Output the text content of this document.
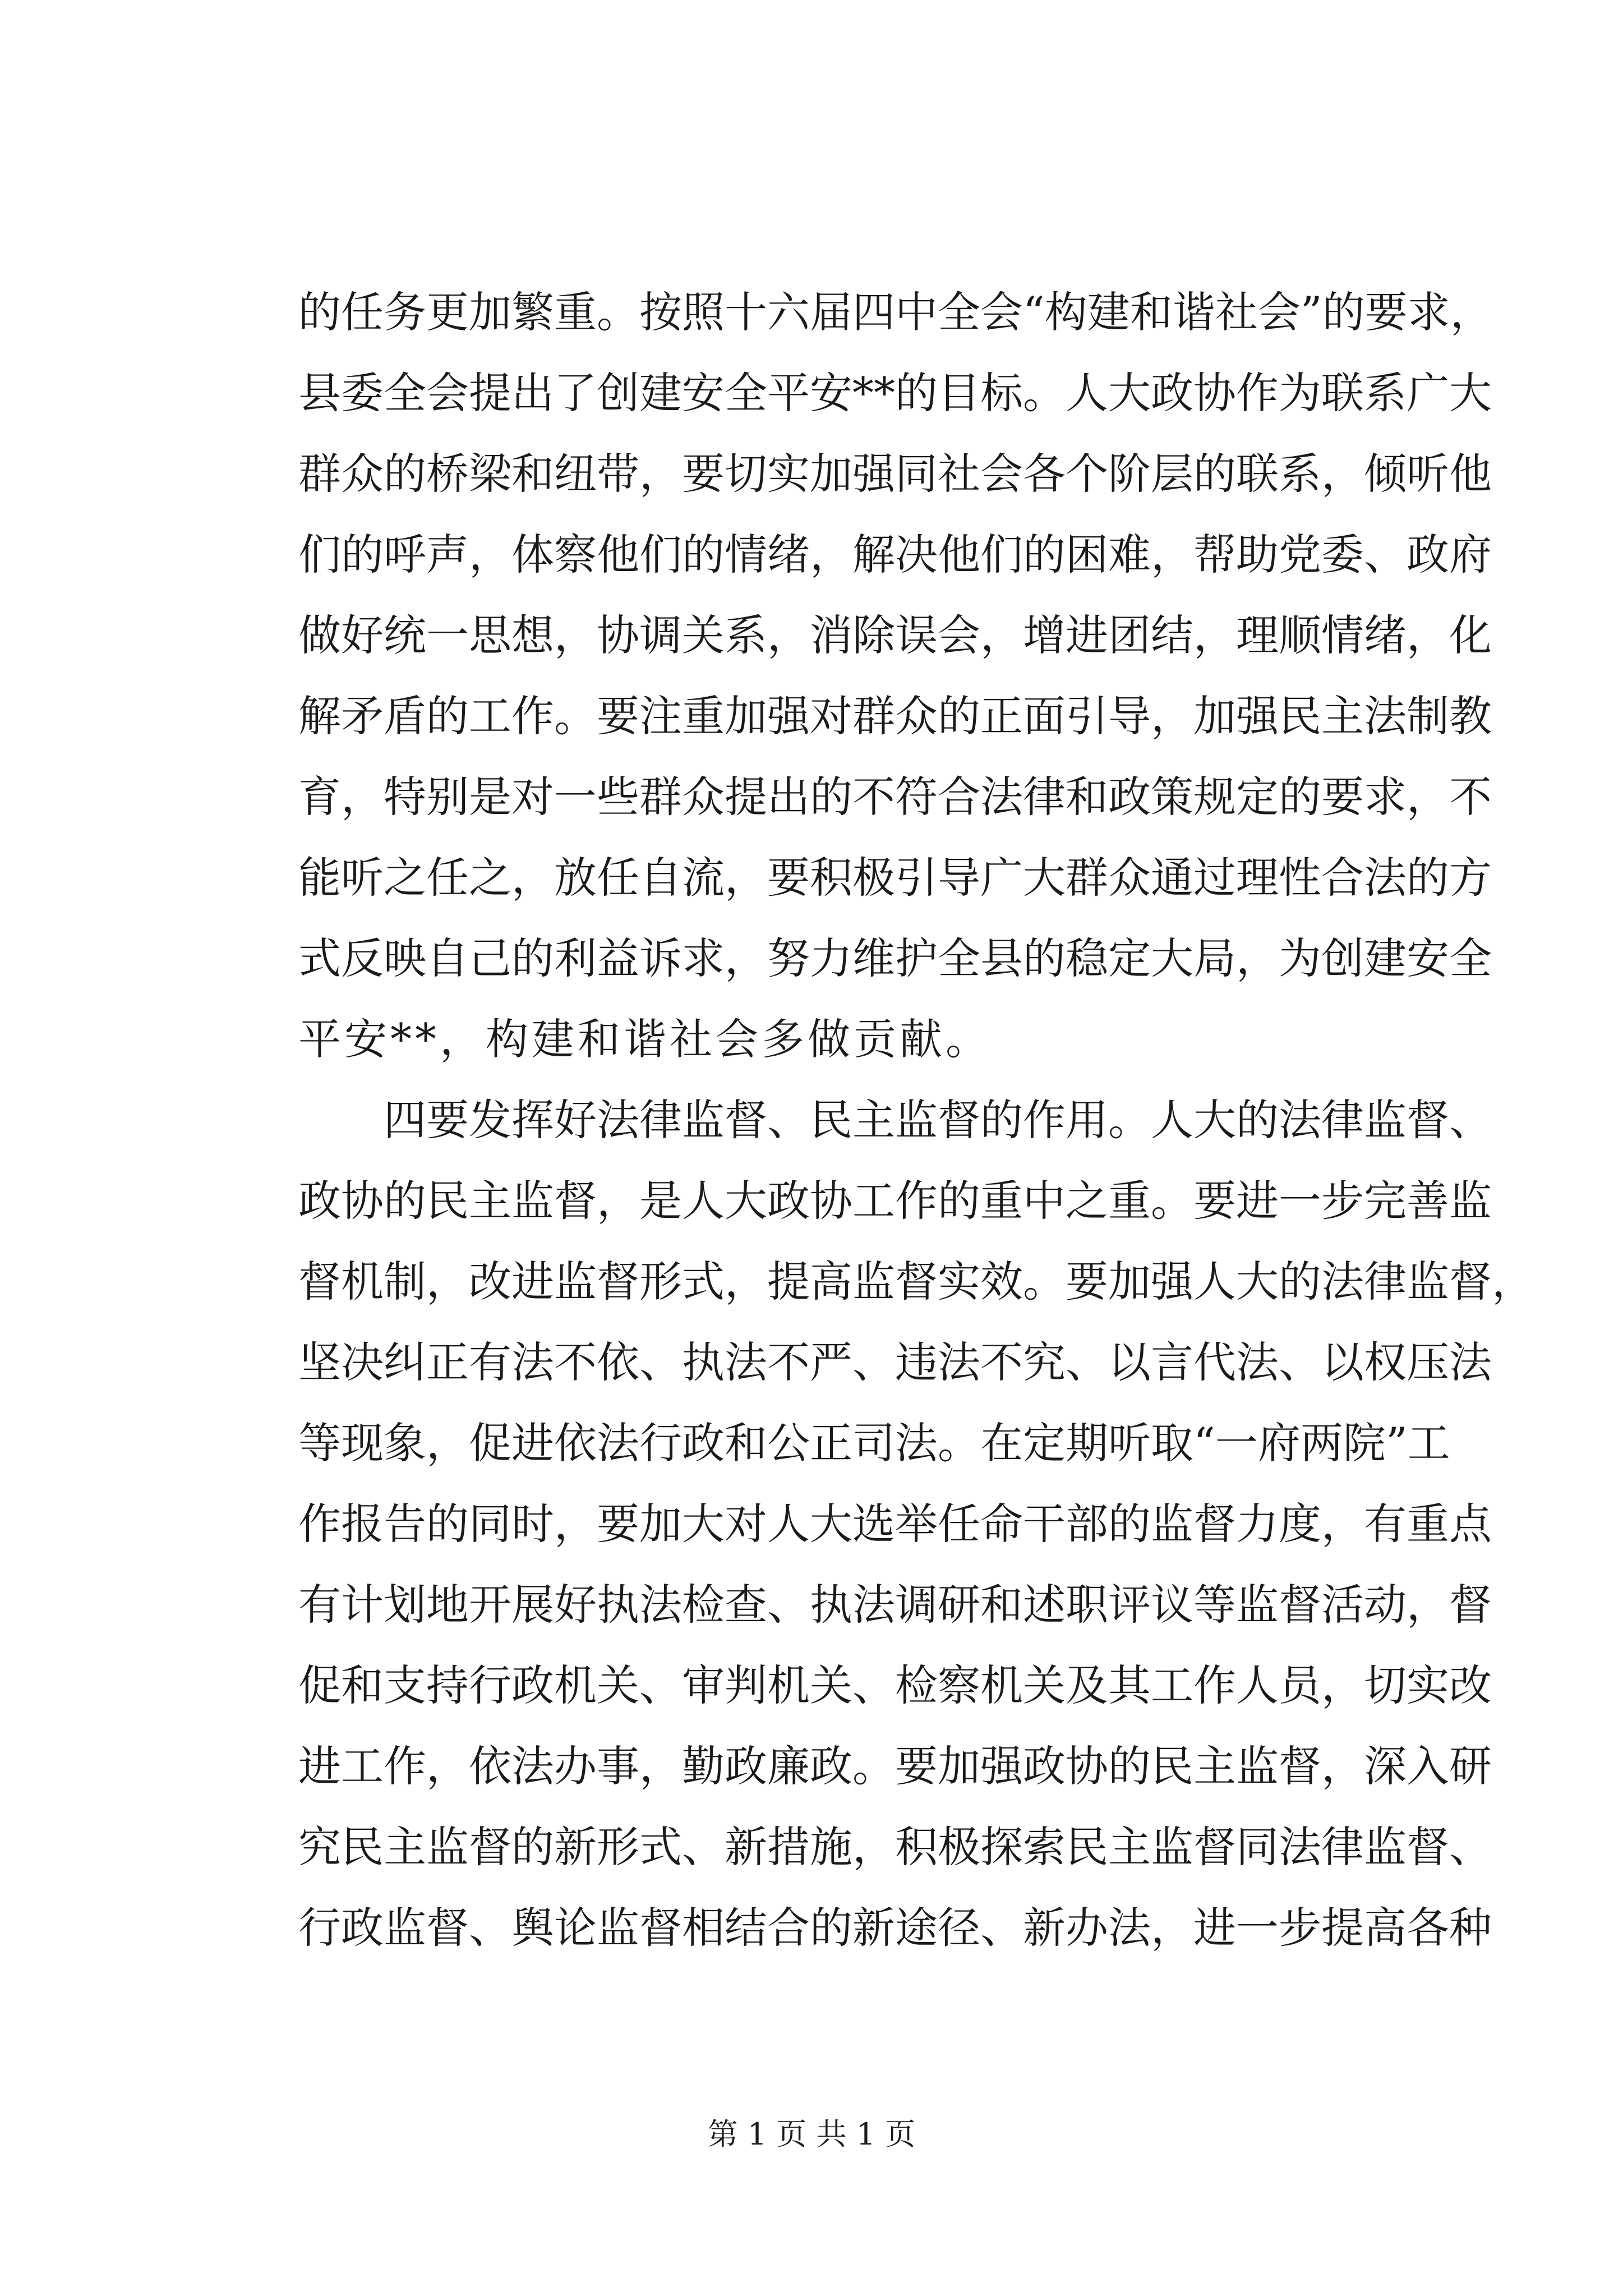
的任务更加繁重。按照十六届四中全会“构建和谐社会”的要求，
县委全会提出了创建安全平安**的目标。人大政协作为联系广大
群众的桥梁和纽带，要切实加强同社会各个阶层的联系，倾听他
们的呼声，体察他们的情绪，解决他们的困难，帮助党委、政府
做好统一思想，协调关系，消除误会，增进团结，理顺情绪，化
解矛盾的工作。要注重加强对群众的正面引导，加强民主法制教
育，特别是对一些群众提出的不符合法律和政策规定的要求，不
能听之任之，放任自流，要积极引导广大群众通过理性合法的方
式反映自己的利益诉求，努力维护全县的稳定大局，为创建安全
平安**，构建和谐社会多做贡献。
四要发挥好法律监督、民主监督的作用。人大的法律监督、
政协的民主监督，是人大政协工作的重中之重。要进一步完善监
督机制，改进监督形式，提高监督实效。要加强人大的法律监督，
坚决纠正有法不依、执法不严、违法不究、以言代法、以权压法
等现象，促进依法行政和公正司法。在定期听取“一府两院”工
作报告的同时，要加大对人大选举任命干部的监督力度，有重点
有计划地开展好执法检查、执法调研和述职评议等监督活动，督
促和支持行政机关、审判机关、检察机关及其工作人员，切实改
进工作，依法办事，勤政廉政。要加强政协的民主监督，深入研
究民主监督的新形式、新措施，积极探索民主监督同法律监督、
行政监督、舆论监督相结合的新途径、新办法，进一步提高各种
第 1 页 共 1 页
